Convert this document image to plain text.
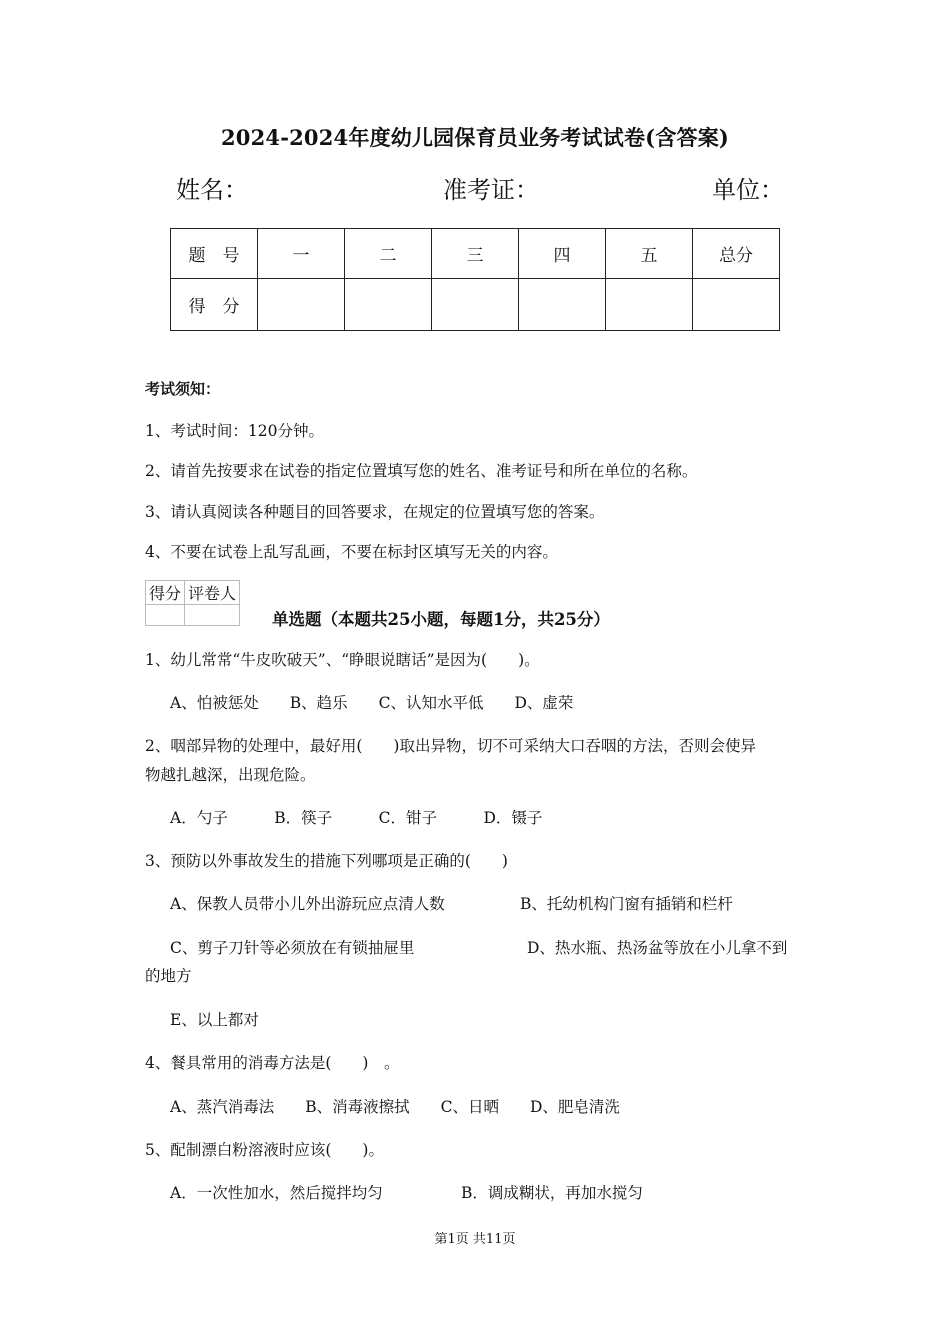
2024-2024年度幼儿园保育员业务考试试卷(含答案)
姓名：	准考证：	单位：
题　号	一	二	三	四	五	总分
得　分						
考试须知：
1、考试时间：120分钟。
2、请首先按要求在试卷的指定位置填写您的姓名、准考证号和所在单位的名称。
3、请认真阅读各种题目的回答要求，在规定的位置填写您的答案。
4、不要在试卷上乱写乱画，不要在标封区填写无关的内容。
得分	评卷人

单选题（本题共25小题，每题1分，共25分）
1、幼儿常常“牛皮吹破天”、“睁眼说瞎话”是因为(　　)。
A、怕被惩处　　B、趋乐　　C、认知水平低　　D、虚荣
2、咽部异物的处理中，最好用(　　)取出异物，切不可采纳大口吞咽的方法，否则会使异
物越扎越深，出现危险。
A．勺子　　　B．筷子　　　C．钳子　　　D．镊子
3、预防以外事故发生的措施下列哪项是正确的(　　)
A、保教人员带小儿外出游玩应点清人数	B、托幼机构门窗有插销和栏杆
C、剪子刀针等必须放在有锁抽屉里	D、热水瓶、热汤盆等放在小儿拿不到
的地方
E、以上都对
4、餐具常用的消毒方法是(　　)　。
A、蒸汽消毒法　　B、消毒液擦拭　　C、日晒　　D、肥皂清洗
5、配制漂白粉溶液时应该(　　)。
A．一次性加水，然后搅拌均匀	B．调成糊状，再加水搅匀
第1页 共11页
